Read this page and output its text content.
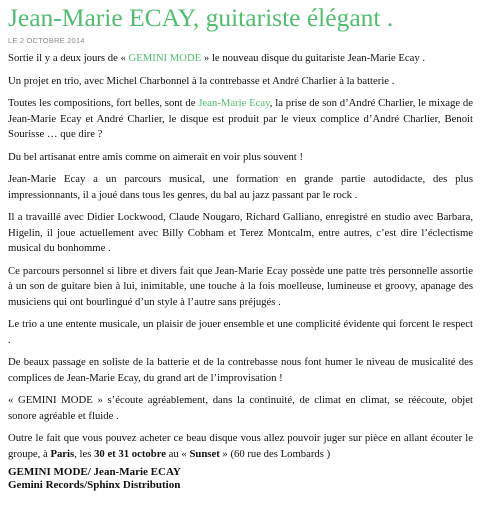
Jean-Marie ECAY, guitariste élégant .
LE 2 OCTOBRE 2014

Sortie il y a deux jours de « GEMINI MODE » le nouveau disque du guitariste Jean-Marie Ecay .

Un projet en trio, avec Michel Charbonnel à la contrebasse et André Charlier à la batterie .

Toutes les compositions, fort belles, sont de Jean-Marie Ecay, la prise de son d’André Charlier, le mixage de Jean-Marie Ecay et André Charlier, le disque est produit par le vieux complice d’André Charlier, Benoit Sourisse … que dire ?

Du bel artisanat entre amis comme on aimerait en voir plus souvent !

Jean-Marie Ecay a un parcours musical, une formation en grande partie autodidacte, des plus impressionnants, il a joué dans tous les genres, du bal au jazz passant par le rock .

Il a travaillé avec Didier Lockwood, Claude Nougaro, Richard Galliano, enregistré en studio avec Barbara, Higelin, il joue actuellement avec Billy Cobham et Terez Montcalm, entre autres, c’est dire l’éclectisme musical du bonhomme .

Ce parcours personnel si libre et divers fait que Jean-Marie Ecay possède une patte très personnelle assortie à un son de guitare bien à lui, inimitable, une touche à la fois moelleuse, lumineuse et groovy, apanage des musiciens qui ont bourlingué d’un style à l’autre sans préjugés .

Le trio a une entente musicale, un plaisir de jouer ensemble et une complicité évidente qui forcent le respect .

De beaux passage en soliste de la batterie et de la contrebasse nous font humer le niveau de musicalité des complices de Jean-Marie Ecay, du grand art de l’improvisation !

« GEMINI MODE » s’écoute agréablement, dans la continuité, de climat en climat, se réécoute, objet sonore agréable et fluide .

Outre le fait que vous pouvez acheter ce beau disque vous allez pouvoir juger sur pièce en allant écouter le groupe, à Paris, les 30 et 31 octobre au « Sunset » (60 rue des Lombards )

GEMINI MODE/ Jean-Marie ECAY

Gemini Records/Sphinx Distribution
